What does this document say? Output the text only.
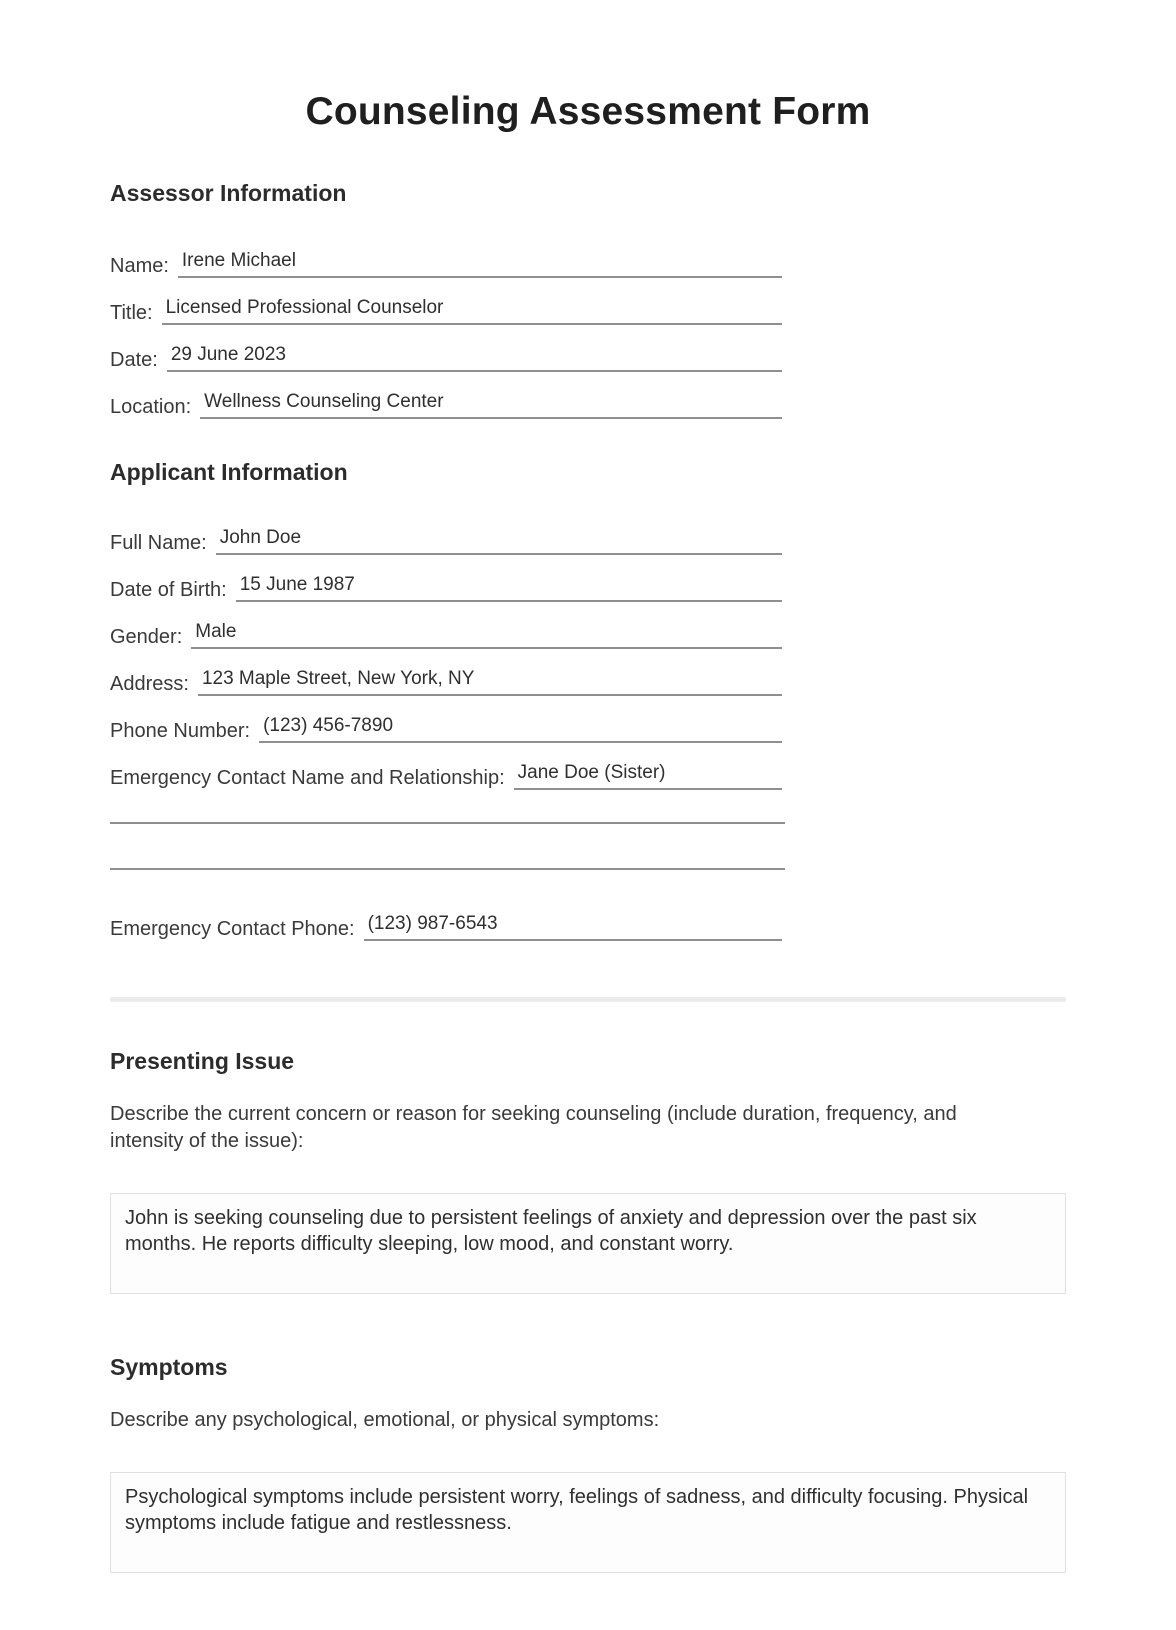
Counseling Assessment Form
Assessor Information
Name: Irene Michael
Title: Licensed Professional Counselor
Date: 29 June 2023
Location: Wellness Counseling Center
Applicant Information
Full Name: John Doe
Date of Birth: 15 June 1987
Gender: Male
Address: 123 Maple Street, New York, NY
Phone Number: (123) 456-7890
Emergency Contact Name and Relationship: Jane Doe (Sister)
Emergency Contact Phone: (123) 987-6543
Presenting Issue

Describe the current concern or reason for seeking counseling (include duration, frequency, and intensity of the issue):

John is seeking counseling due to persistent feelings of anxiety and depression over the past six months. He reports difficulty sleeping, low mood, and constant worry.
Symptoms

Describe any psychological, emotional, or physical symptoms:

Psychological symptoms include persistent worry, feelings of sadness, and difficulty focusing. Physical symptoms include fatigue and restlessness.
